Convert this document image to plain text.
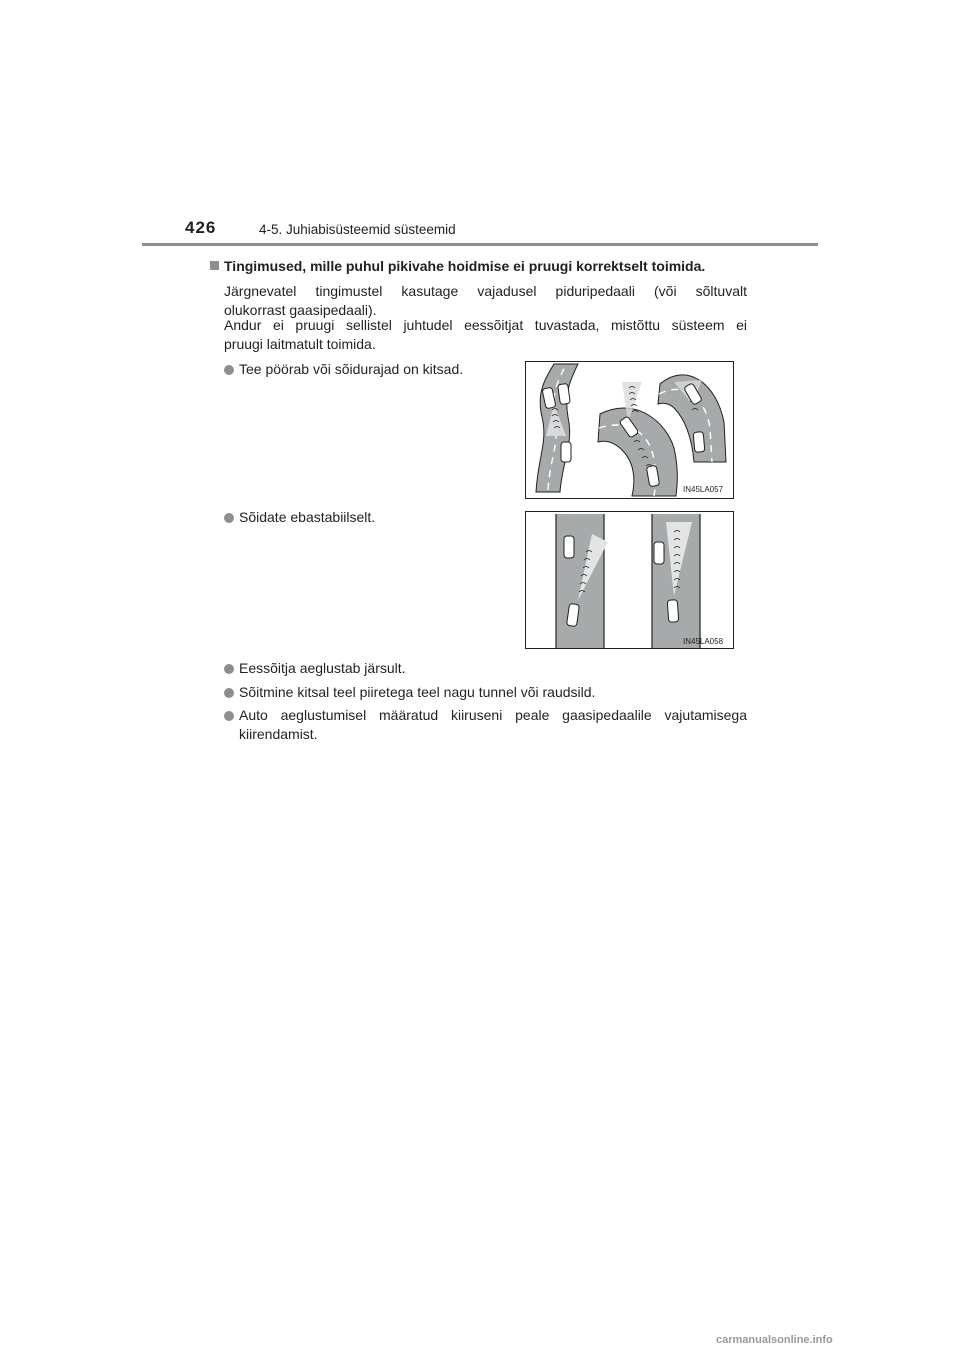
426	4-5. Juhiabisüsteemid süsteemid
Tingimused, mille puhul pikivahe hoidmise ei pruugi korrektselt toimida.
Järgnevatel tingimustel kasutage vajadusel piduripedaali (või sõltuvalt
olukorrast gaasipedaali).
Andur ei pruugi sellistel juhtudel eessõitjat tuvastada, mistõttu süsteem ei
pruugi laitmatult toimida.
Tee pöörab või sõidurajad on kitsad.
IN45LA057
Sõidate ebastabiilselt.
IN45LA058
Eessõitja aeglustab järsult.
Sõitmine kitsal teel piiretega teel nagu tunnel või raudsild.
Auto aeglustumisel määratud kiiruseni peale gaasipedaalile vajutamisega
kiirendamist.
carmanualsonline.info
